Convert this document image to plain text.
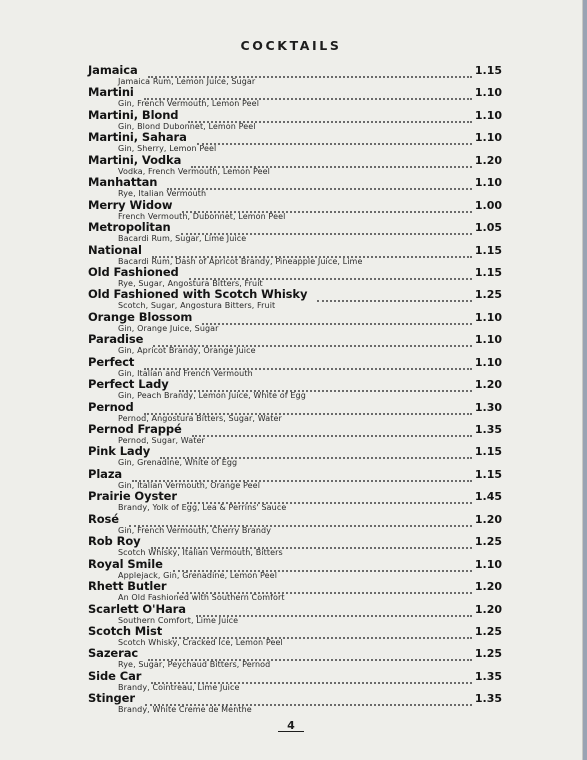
COCKTAILS
Jamaica	1.15
Jamaica Rum, Lemon Juice, Sugar
Martini	1.10
Gin, French Vermouth, Lemon Peel
Martini, Blond	1.10
Gin, Blond Dubonnet, Lemon Peel
Martini, Sahara	1.10
Gin, Sherry, Lemon Peel
Martini, Vodka	1.20
Vodka, French Vermouth, Lemon Peel
Manhattan	1.10
Rye, Italian Vermouth
Merry Widow	1.00
French Vermouth, Dubonnet, Lemon Peel
Metropolitan	1.05
Bacardi Rum, Sugar, Lime Juice
National	1.15
Bacardi Rum, Dash of Apricot Brandy, Pineapple Juice, Lime
Old Fashioned	1.15
Rye, Sugar, Angostura Bitters, Fruit
Old Fashioned with Scotch Whisky	1.25
Scotch, Sugar, Angostura Bitters, Fruit
Orange Blossom	1.10
Gin, Orange Juice, Sugar
Paradise	1.10
Gin, Apricot Brandy, Orange Juice
Perfect	1.10
Gin, Italian and French Vermouth
Perfect Lady	1.20
Gin, Peach Brandy, Lemon Juice, White of Egg
Pernod	1.30
Pernod, Angostura Bitters, Sugar, Water
Pernod Frappé	1.35
Pernod, Sugar, Water
Pink Lady	1.15
Gin, Grenadine, White of Egg
Plaza	1.15
Gin, Italian Vermouth, Orange Peel
Prairie Oyster	1.45
Brandy, Yolk of Egg, Lea & Perrins' Sauce
Rosé	1.20
Gin, French Vermouth, Cherry Brandy
Rob Roy	1.25
Scotch Whisky, Italian Vermouth, Bitters
Royal Smile	1.10
Applejack, Gin, Grenadine, Lemon Peel
Rhett Butler	1.20
An Old Fashioned with Southern Comfort
Scarlett O'Hara	1.20
Southern Comfort, Lime Juice
Scotch Mist	1.25
Scotch Whisky, Cracked Ice, Lemon Peel
Sazerac	1.25
Rye, Sugar, Peychaud Bitters, Pernod
Side Car	1.35
Brandy, Cointreau, Lime Juice
Stinger	1.35
Brandy, White Creme de Menthe
4
